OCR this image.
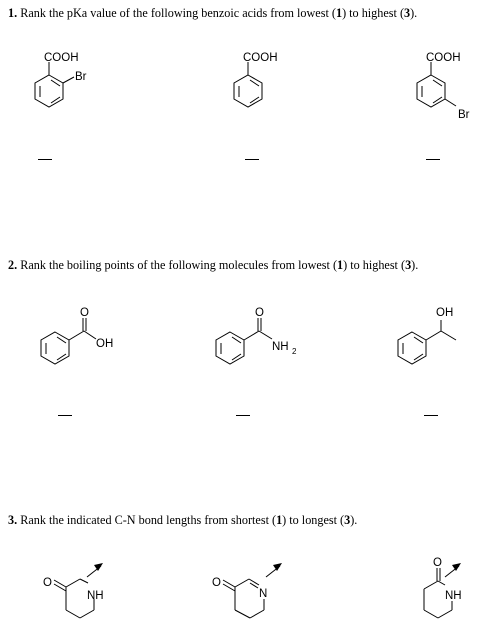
1. Rank the pKa value of the following benzoic acids from lowest (1) to highest (3).
COOH
Br
COOH	COOH
Br
2. Rank the boiling points of the following molecules from lowest (1) to highest (3).
O
OH
O
NH 2
OH
3. Rank the indicated C-N bond lengths from shortest (1) to longest (3).
O
NH
O
N
O
NH
